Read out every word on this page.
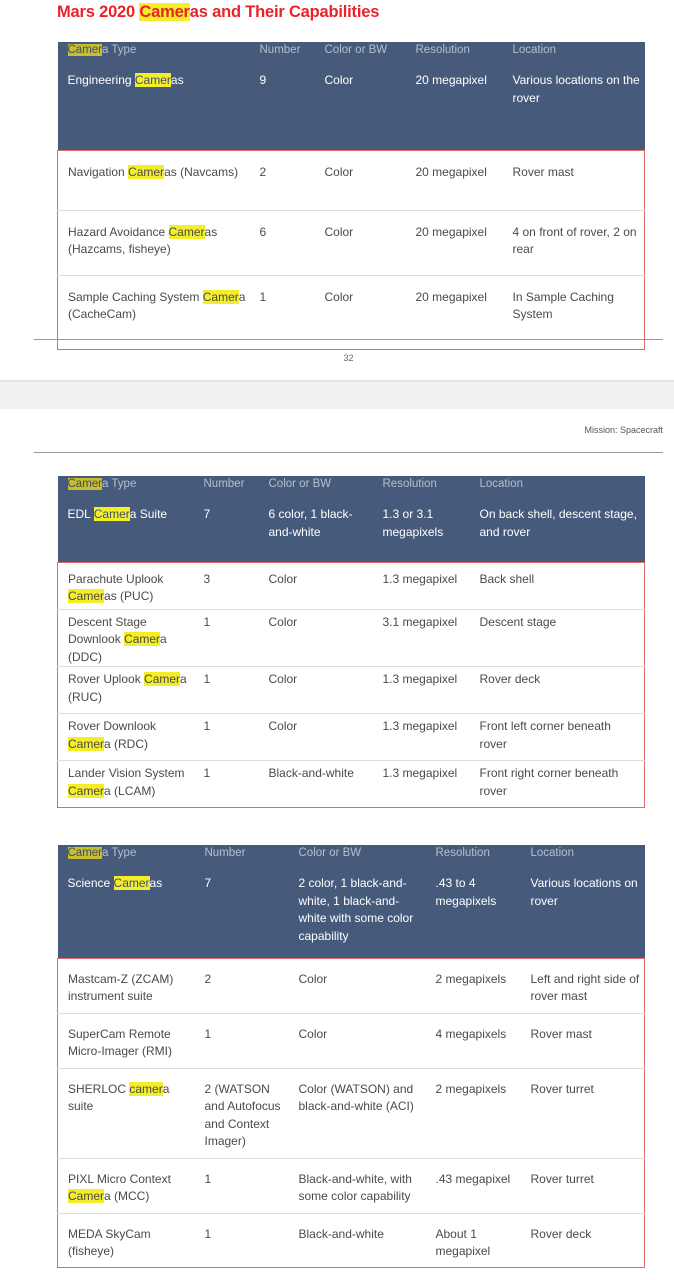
Mars 2020 Cameras and Their Capabilities
Camera Type	Number	Color or BW	Resolution	Location
Engineering Cameras	9	Color	20 megapixel	Various locations on the rover
Navigation Cameras (Navcams)	2	Color	20 megapixel	Rover mast
Hazard Avoidance Cameras (Hazcams, fisheye)	6	Color	20 megapixel	4 on front of rover, 2 on rear
Sample Caching System Camera (CacheCam)	1	Color	20 megapixel	In Sample Caching System
32
Mission: Spacecraft
Camera Type	Number	Color or BW	Resolution	Location
EDL Camera Suite	7	6 color, 1 black-and-white	1.3 or 3.1 megapixels	On back shell, descent stage, and rover
Parachute Uplook Cameras (PUC)	3	Color	1.3 megapixel	Back shell
Descent Stage Downlook Camera (DDC)	1	Color	3.1 megapixel	Descent stage
Rover Uplook Camera (RUC)	1	Color	1.3 megapixel	Rover deck
Rover Downlook Camera (RDC)	1	Color	1.3 megapixel	Front left corner beneath rover
Lander Vision System Camera (LCAM)	1	Black-and-white	1.3 megapixel	Front right corner beneath rover
Camera Type	Number	Color or BW	Resolution	Location
Science Cameras	7	2 color, 1 black-and-white, 1 black-and-white with some color capability	.43 to 4 megapixels	Various locations on rover
Mastcam-Z (ZCAM) instrument suite	2	Color	2 megapixels	Left and right side of rover mast
SuperCam Remote Micro-Imager (RMI)	1	Color	4 megapixels	Rover mast
SHERLOC camera suite	2 (WATSON and Autofocus and Context Imager)	Color (WATSON) and black-and-white (ACI)	2 megapixels	Rover turret
PIXL Micro Context Camera (MCC)	1	Black-and-white, with some color capability	.43 megapixel	Rover turret
MEDA SkyCam (fisheye)	1	Black-and-white	About 1 megapixel	Rover deck
